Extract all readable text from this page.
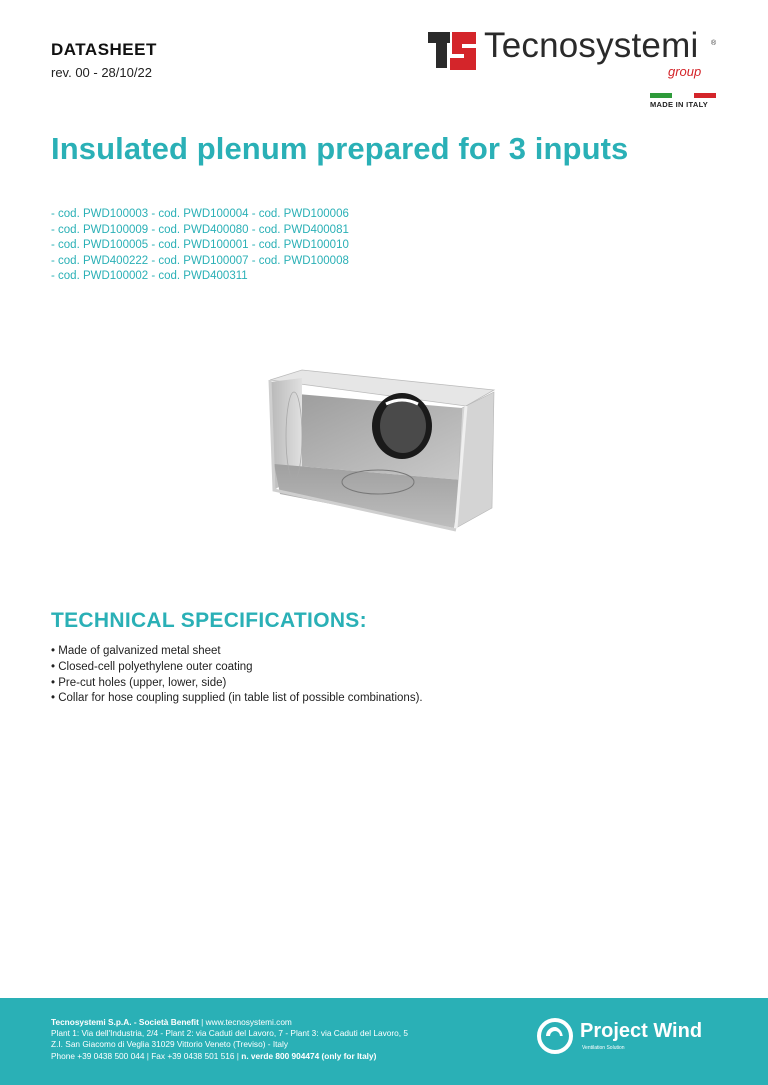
DATASHEET
rev. 00 - 28/10/22
Tecnosystemi ®
group
MADE IN ITALY
Insulated plenum prepared for 3 inputs
- cod. PWD100003 - cod. PWD100004 - cod. PWD100006
- cod. PWD100009 - cod. PWD400080 - cod. PWD400081
- cod. PWD100005 - cod. PWD100001 - cod. PWD100010
- cod. PWD400222 - cod. PWD100007 - cod. PWD100008
- cod. PWD100002 - cod. PWD400311
TECHNICAL SPECIFICATIONS:
• Made of galvanized metal sheet
• Closed-cell polyethylene outer coating
• Pre-cut holes (upper, lower, side)
• Collar for hose coupling supplied (in table list of possible combinations).
Tecnosystemi S.p.A. - Società Benefit | www.tecnosystemi.com
Plant 1: Via dell'Industria, 2/4 - Plant 2: via Caduti del Lavoro, 7 - Plant 3: via Caduti del Lavoro, 5
Z.I. San Giacomo di Veglia 31029 Vittorio Veneto (Treviso) - Italy
Phone +39 0438 500 044 | Fax +39 0438 501 516 | n. verde 800 904474 (only for Italy)
Project Wind
Ventilation Solution
